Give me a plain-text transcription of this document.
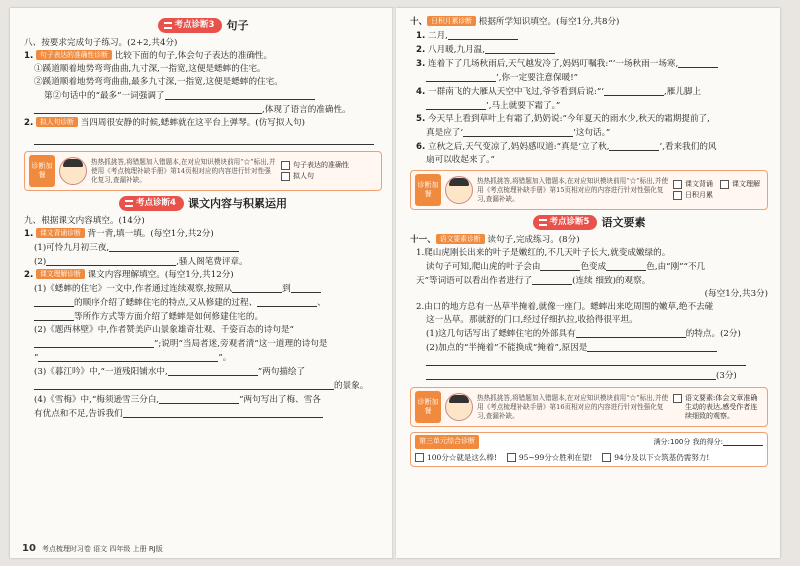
考点诊断3 句子
八、按要求完成句子练习。(2+2,共4分)
1. 句子表达的准确性诊断 比较下面的句子,体会句子表达的准确性。
①蹊道顺着地势弯弯曲曲,九寸深,一指宽,这便是蟋蟀的住宅。
②蹊道顺着地势弯弯曲曲,最多九寸深,一指宽,这便是蟋蟀的住宅。
第②句话中的“最多”一词强调了
,体现了语言的准确性。
2. 拟人句诊断 当四周很安静的时候,蟋蟀就在这平台上弹琴。(仿写拟人句)
诊断加餐
热热抓挑答,将错题加入错题本,在对应知识模块前用“☆”标出,并使用《考点梳理补缺手册》第14页相对应的内容进行针对性强化复习,查漏补缺。
句子表达的准确性
拟人句
考点诊断4 课文内容与积累运用
九、根据课文内容填空。(14分)
1. 课文背诵诊断 背一背,填一填。(每空1分,共2分)
(1)可怜九月初三夜,
(2)	,骚人阁笔费评章。
2. 课文理解诊断 课文内容理解填空。(每空1分,共12分)
(1)《蟋蟀的住宅》一文中,作者通过连续观察,按照从	到
的顺序介绍了蟋蟀住宅的特点,又从修建的过程、	、
等所作方式等方面介绍了蟋蟀是如何修建住宅的。
(2)《题西林壁》中,作者赞美庐山景象雄奇壮观、千姿百态的诗句是“
”;说明“当局者迷,旁观者清”这一道理的诗句是
“	”。
(3)《暮江吟》中,“一道残阳铺水中,	”两句描绘了
的景象。
(4)《雪梅》中,“梅须逊雪三分白,	”两句写出了梅、雪各
有优点和不足,告诉我们
10 考点梳理时习卷 语文 四年级 上册 RJ版
十、 日积月累诊断 根据所学知识填空。(每空1分,共8分)
1. 二月,
2. 八月暖,九月温,
3. 连着下了几场秋雨后,天气越发冷了,妈妈叮嘱我:“‘一场秋雨一场寒,
’,你一定要注意保暖!”
4. 一群南飞的大雁从天空中飞过,爷爷看到后说:“‘	,雁儿脚上
’,马上就要下霜了。”
5. 今天早上看到草叶上有霜了,奶奶说:“今年夏天的雨水少,秋天的霜期提前了,
真是应了‘	’这句话。”
6. 立秋之后,天气变凉了,妈妈感叹道:“真是‘立了秋,	’,看来我们的风
扇可以收起来了。”
诊断加餐
热热抓挑答,将错题加入错题本,在对应知识模块前用“☆”标出,并使用《考点梳理补缺手册》第15页相对应的内容进行针对性强化复习,查漏补缺。
课文背诵	课文理解
日积月累
考点诊断5 语文要素
十一、 语文要素诊断 读句子,完成练习。(8分)
1.爬山虎刚长出来的叶子是嫩红的,不几天叶子长大,就变成嫩绿的。
读句子可知,爬山虎的叶子会由	色变成	色,由“刚”“不几
天”等词语可以看出作者进行了	(连续 细致)的观察。
(每空1分,共3分)
2.由口的地方总有一丛草半掩着,就像一座门。蟋蟀出来吃周围的嫩草,绝不去碰
这一丛草。那就舒的门口,经过仔细扒拉,收拾得很平坦。
(1)这几句话写出了蟋蟀住宅的外部具有	的特点。(2分)
(2)加点的“半掩着”不能换成“掩着”,原因是
(3分)
诊断加餐
热热抓挑答,将错题加入错题本,在对应知识模块前用“☆”标出,并使用《考点梳理补缺手册》第16页相对应的内容进行针对性强化复习,查漏补缺。
语文要素:体会文章准确生动的表达,感受作者连续细致的观察。
第三单元综合诊断	满分:100分 我的得分:
100分☆就是这么棒!	95~99分☆胜利在望!	94分及以下☆筑基仍需努力!
